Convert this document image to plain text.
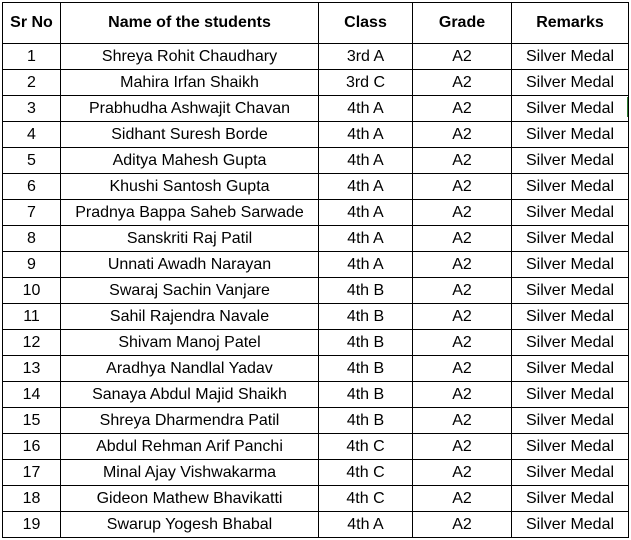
Sr No	Name of the students	Class	Grade	Remarks
1	Shreya Rohit Chaudhary	3rd A	A2	Silver Medal
2	Mahira Irfan Shaikh	3rd C	A2	Silver Medal
3	Prabhudha Ashwajit Chavan	4th A	A2	Silver Medal
4	Sidhant Suresh Borde	4th A	A2	Silver Medal
5	Aditya Mahesh Gupta	4th A	A2	Silver Medal
6	Khushi Santosh Gupta	4th A	A2	Silver Medal
7	Pradnya Bappa Saheb Sarwade	4th A	A2	Silver Medal
8	Sanskriti Raj Patil	4th A	A2	Silver Medal
9	Unnati Awadh Narayan	4th A	A2	Silver Medal
10	Swaraj Sachin Vanjare	4th B	A2	Silver Medal
11	Sahil Rajendra Navale	4th B	A2	Silver Medal
12	Shivam Manoj Patel	4th B	A2	Silver Medal
13	Aradhya Nandlal Yadav	4th B	A2	Silver Medal
14	Sanaya Abdul Majid Shaikh	4th B	A2	Silver Medal
15	Shreya Dharmendra Patil	4th B	A2	Silver Medal
16	Abdul Rehman Arif Panchi	4th C	A2	Silver Medal
17	Minal Ajay Vishwakarma	4th C	A2	Silver Medal
18	Gideon Mathew Bhavikatti	4th C	A2	Silver Medal
19	Swarup Yogesh Bhabal	4th A	A2	Silver Medal
